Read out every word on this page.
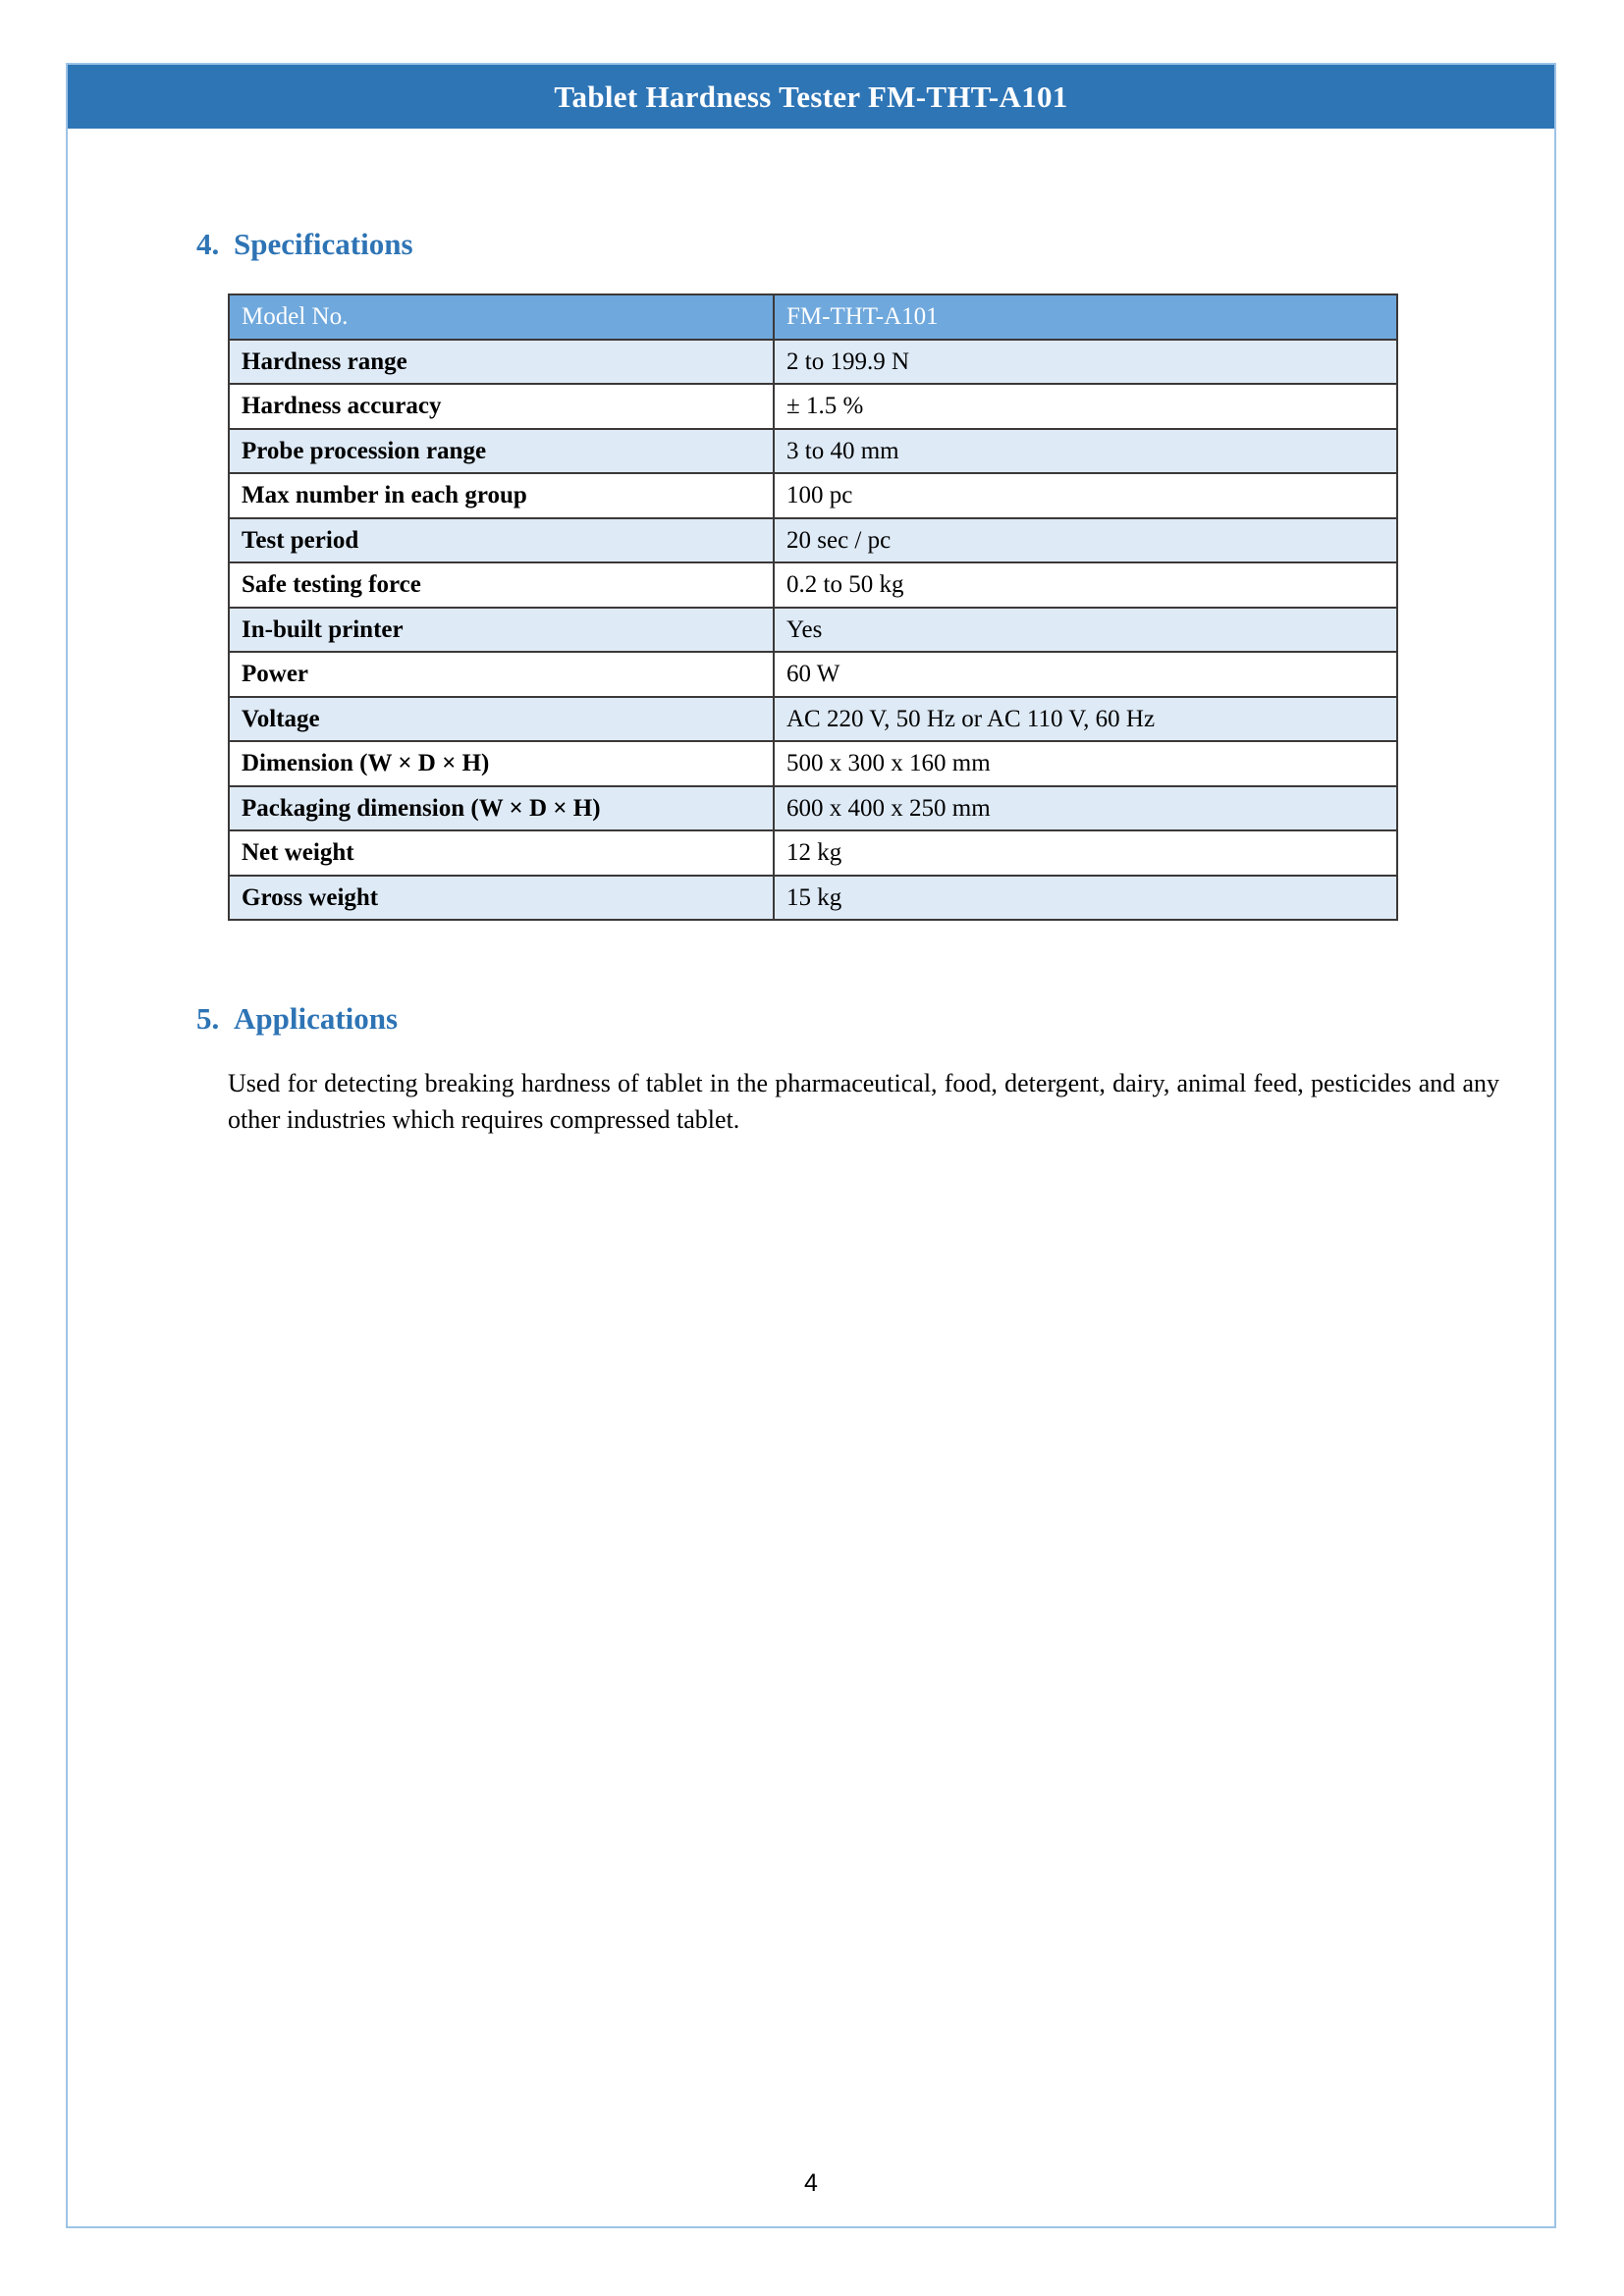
Tablet Hardness Tester FM-THT-A101
4. Specifications
Model No.	FM-THT-A101
Hardness range	2 to 199.9 N
Hardness accuracy	± 1.5 %
Probe procession range	3 to 40 mm
Max number in each group	100 pc
Test period	20 sec / pc
Safe testing force	0.2 to 50 kg
In-built printer	Yes
Power	60 W
Voltage	AC 220 V, 50 Hz or AC 110 V, 60 Hz
Dimension (W × D × H)	500 x 300 x 160 mm
Packaging dimension (W × D × H)	600 x 400 x 250 mm
Net weight	12 kg
Gross weight	15 kg
5. Applications
Used for detecting breaking hardness of tablet in the pharmaceutical, food, detergent, dairy, animal feed, pesticides and any other industries which requires compressed tablet.
4
